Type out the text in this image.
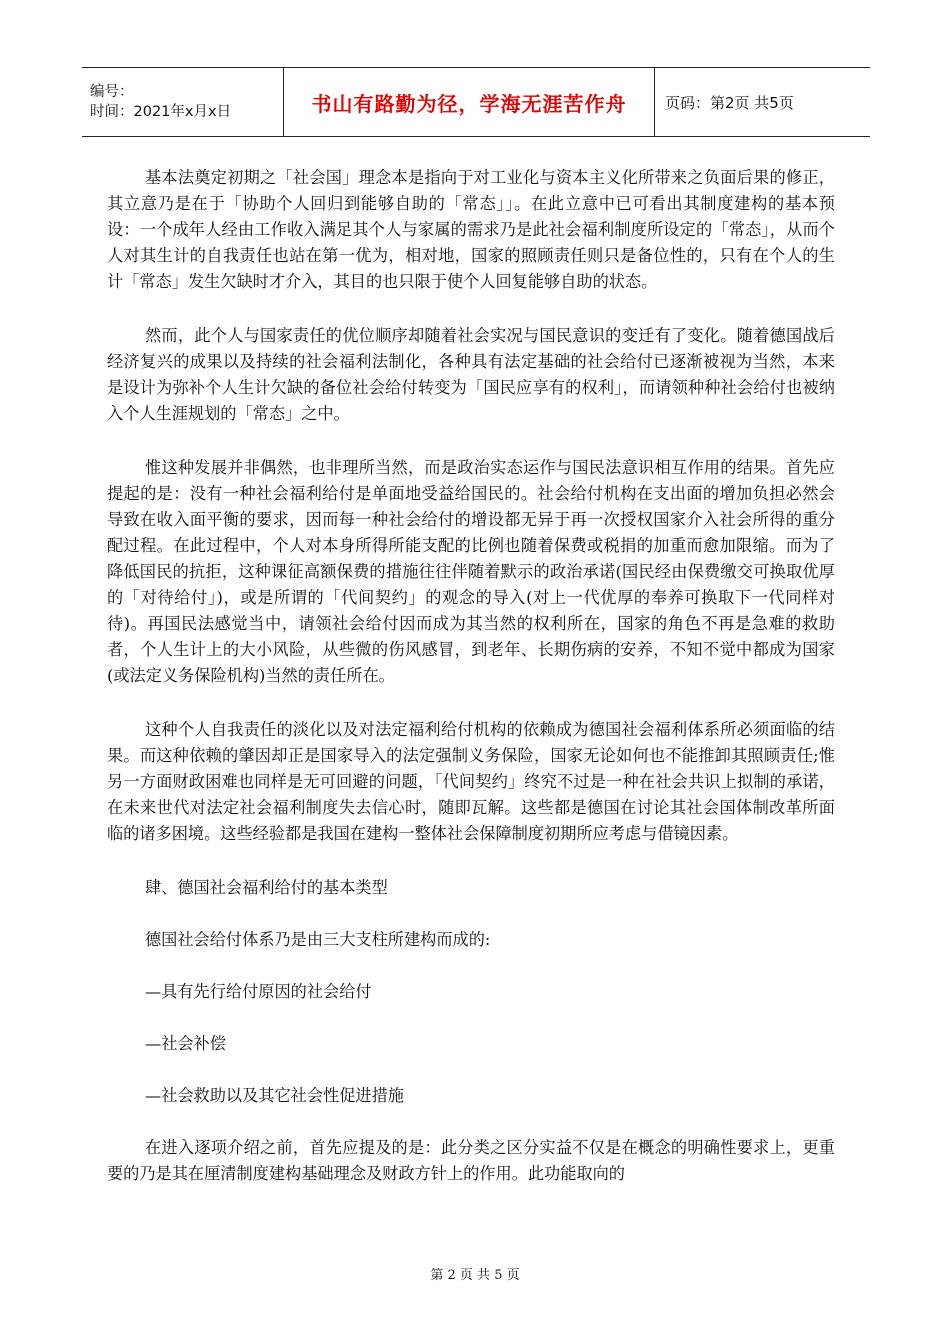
编号：
时间：2021年x月x日	书山有路勤为径，学海无涯苦作舟	页码：第2页 共5页

基本法奠定初期之「社会国」理念本是指向于对工业化与资本主义化所带来之负面后果的修正，其立意乃是在于「协助个人回归到能够自助的「常态」」。在此立意中已可看出其制度建构的基本预设：一个成年人经由工作收入满足其个人与家属的需求乃是此社会福利制度所设定的「常态」，从而个人对其生计的自我责任也站在第一优为，相对地，国家的照顾责任则只是备位性的，只有在个人的生计「常态」发生欠缺时才介入，其目的也只限于使个人回复能够自助的状态。

然而，此个人与国家责任的优位顺序却随着社会实况与国民意识的变迁有了变化。随着德国战后经济复兴的成果以及持续的社会福利法制化，各种具有法定基础的社会给付已逐渐被视为当然，本来是设计为弥补个人生计欠缺的备位社会给付转变为「国民应享有的权利」，而请领种种社会给付也被纳入个人生涯规划的「常态」之中。

惟这种发展并非偶然，也非理所当然，而是政治实态运作与国民法意识相互作用的结果。首先应提起的是：没有一种社会福利给付是单面地受益给国民的。社会给付机构在支出面的增加负担必然会导致在收入面平衡的要求，因而每一种社会给付的增设都无异于再一次授权国家介入社会所得的重分配过程。在此过程中，个人对本身所得所能支配的比例也随着保费或税捐的加重而愈加限缩。而为了降低国民的抗拒，这种课征高额保费的措施往往伴随着默示的政治承诺(国民经由保费缴交可换取优厚的「对待给付」)，或是所谓的「代间契约」的观念的导入(对上一代优厚的奉养可换取下一代同样对待)。再国民法感觉当中，请领社会给付因而成为其当然的权利所在，国家的角色不再是急难的救助者，个人生计上的大小风险，从些微的伤风感冒，到老年、长期伤病的安养，不知不觉中都成为国家(或法定义务保险机构)当然的责任所在。

这种个人自我责任的淡化以及对法定福利给付机构的依赖成为德国社会福利体系所必须面临的结果。而这种依赖的肇因却正是国家导入的法定强制义务保险，国家无论如何也不能推卸其照顾责任;惟另一方面财政困难也同样是无可回避的问题，「代间契约」终究不过是一种在社会共识上拟制的承诺，在未来世代对法定社会福利制度失去信心时，随即瓦解。这些都是德国在讨论其社会国体制改革所面临的诸多困境。这些经验都是我国在建构一整体社会保障制度初期所应考虑与借镜因素。

肆、德国社会福利给付的基本类型

德国社会给付体系乃是由三大支柱所建构而成的:

—具有先行给付原因的社会给付

—社会补偿

—社会救助以及其它社会性促进措施

在进入逐项介绍之前，首先应提及的是：此分类之区分实益不仅是在概念的明确性要求上，更重要的乃是其在厘清制度建构基础理念及财政方针上的作用。此功能取向的

第 2 页 共 5 页
